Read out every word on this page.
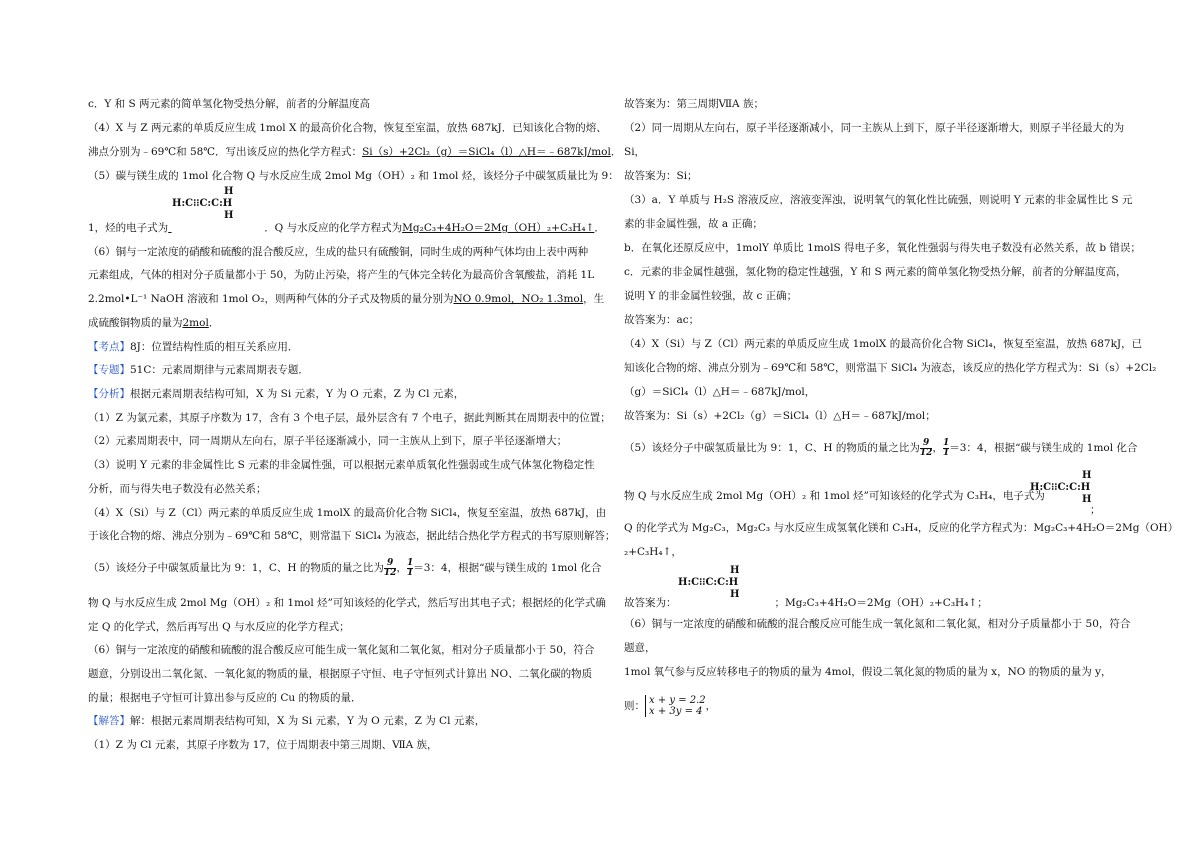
c．Y 和 S 两元素的简单氢化物受热分解，前者的分解温度高
（4）X 与 Z 两元素的单质反应生成 1mol X 的最高价化合物，恢复至室温，放热 687kJ．已知该化合物的熔、
沸点分别为﹣69℃和 58℃．写出该反应的热化学方程式：Si（s）+2Cl₂（g）＝SiCl₄（l）△H＝﹣687kJ/mol．
（5）碳与镁生成的 1mol 化合物 Q 与水反应生成 2mol Mg（OH）₂ 和 1mol 烃，该烃分子中碳氢质量比为 9：
H
H:C⁝⁝C:C:H
H
1，烃的电子式为	．Q 与水反应的化学方程式为Mg₂C₃+4H₂O＝2Mg（OH）₂+C₃H₄↑．
（6）铜与一定浓度的硝酸和硫酸的混合酸反应，生成的盐只有硫酸铜，同时生成的两种气体均由上表中两种
元素组成，气体的相对分子质量都小于 50，为防止污染，将产生的气体完全转化为最高价含氧酸盐，消耗 1L
2.2mol•L⁻¹ NaOH 溶液和 1mol O₂，则两种气体的分子式及物质的量分别为NO 0.9mol，NO₂ 1.3mol，生
成硫酸铜物质的量为2mol．
【考点】8J：位置结构性质的相互关系应用．
【专题】51C：元素周期律与元素周期表专题．
【分析】根据元素周期表结构可知，X 为 Si 元素，Y 为 O 元素，Z 为 Cl 元素，
（1）Z 为氯元素，其原子序数为 17，含有 3 个电子层，最外层含有 7 个电子，据此判断其在周期表中的位置；
（2）元素周期表中，同一周期从左向右，原子半径逐渐减小，同一主族从上到下，原子半径逐渐增大；
（3）说明 Y 元素的非金属性比 S 元素的非金属性强，可以根据元素单质氧化性强弱或生成气体氢化物稳定性
分析，而与得失电子数没有必然关系；
（4）X（Si）与 Z（Cl）两元素的单质反应生成 1molX 的最高价化合物 SiCl₄，恢复至室温，放热 687kJ，由
于该化合物的熔、沸点分别为﹣69℃和 58℃，则常温下 SiCl₄ 为液态，据此结合热化学方程式的书写原则解答；
（5）该烃分子中碳氢质量比为 9：1，C、H 的物质的量之比为 $\frac{9}{12}$ ， $\frac{1}{1} =3$：4，根据“碳与镁生成的 1mol 化合
物 Q 与水反应生成 2mol Mg（OH）₂ 和 1mol 烃”可知该烃的化学式，然后写出其电子式；根据烃的化学式确
定 Q 的化学式，然后再写出 Q 与水反应的化学方程式；
（6）铜与一定浓度的硝酸和硫酸的混合酸反应可能生成一氧化氮和二氧化氮，相对分子质量都小于 50，符合
题意，分别设出二氧化氮、一氧化氮的物质的量，根据原子守恒、电子守恒列式计算出 NO、二氧化碳的物质
的量；根据电子守恒可计算出参与反应的 Cu 的物质的量．
【解答】解：根据元素周期表结构可知，X 为 Si 元素，Y 为 O 元素，Z 为 Cl 元素，
（1）Z 为 Cl 元素，其原子序数为 17，位于周期表中第三周期、ⅦA 族，
故答案为：第三周期ⅦA 族；
（2）同一周期从左向右，原子半径逐渐减小，同一主族从上到下，原子半径逐渐增大，则原子半径最大的为
Si，
故答案为：Si；
（3）a．Y 单质与 H₂S 溶液反应，溶液变浑浊，说明氧气的氧化性比硫强，则说明 Y 元素的非金属性比 S 元
素的非金属性强，故 a 正确；
b．在氧化还原反应中，1molY 单质比 1molS 得电子多，氧化性强弱与得失电子数没有必然关系，故 b 错误；
c．元素的非金属性越强，氢化物的稳定性越强，Y 和 S 两元素的简单氢化物受热分解，前者的分解温度高，
说明 Y 的非金属性较强，故 c 正确；
故答案为：ac；
（4）X（Si）与 Z（Cl）两元素的单质反应生成 1molX 的最高价化合物 SiCl₄，恢复至室温，放热 687kJ，已
知该化合物的熔、沸点分别为﹣69℃和 58℃，则常温下 SiCl₄ 为液态，该反应的热化学方程式为：Si（s）+2Cl₂
（g）＝SiCl₄（l）△H＝﹣687kJ/mol，
故答案为：Si（s）+2Cl₂（g）＝SiCl₄（l）△H＝﹣687kJ/mol；
（5）该烃分子中碳氢质量比为 9：1，C、H 的物质的量之比为 $\frac{9}{12}$ ， $\frac{1}{1} =3$：4，根据“碳与镁生成的 1mol 化合
H
H:C⁝⁝C:C:H
H
物 Q 与水反应生成 2mol Mg（OH）₂ 和 1mol 烃”可知该烃的化学式为 C₃H₄，电子式为
；
Q 的化学式为 Mg₂C₃，Mg₂C₃ 与水反应生成氢氧化镁和 C₃H₄，反应的化学方程式为：Mg₂C₃+4H₂O＝2Mg（OH）
₂+C₃H₄↑，
H
H:C⁝⁝C:C:H
H
故答案为：	；Mg₂C₃+4H₂O＝2Mg（OH）₂+C₃H₄↑；
（6）铜与一定浓度的硝酸和硫酸的混合酸反应可能生成一氧化氮和二氧化氮，相对分子质量都小于 50，符合
题意，
1mol 氧气参与反应转移电子的物质的量为 4mol，假设二氧化氮的物质的量为 x，NO 的物质的量为 y，
则： x + y = 2.2
x + 3y = 4 ，
